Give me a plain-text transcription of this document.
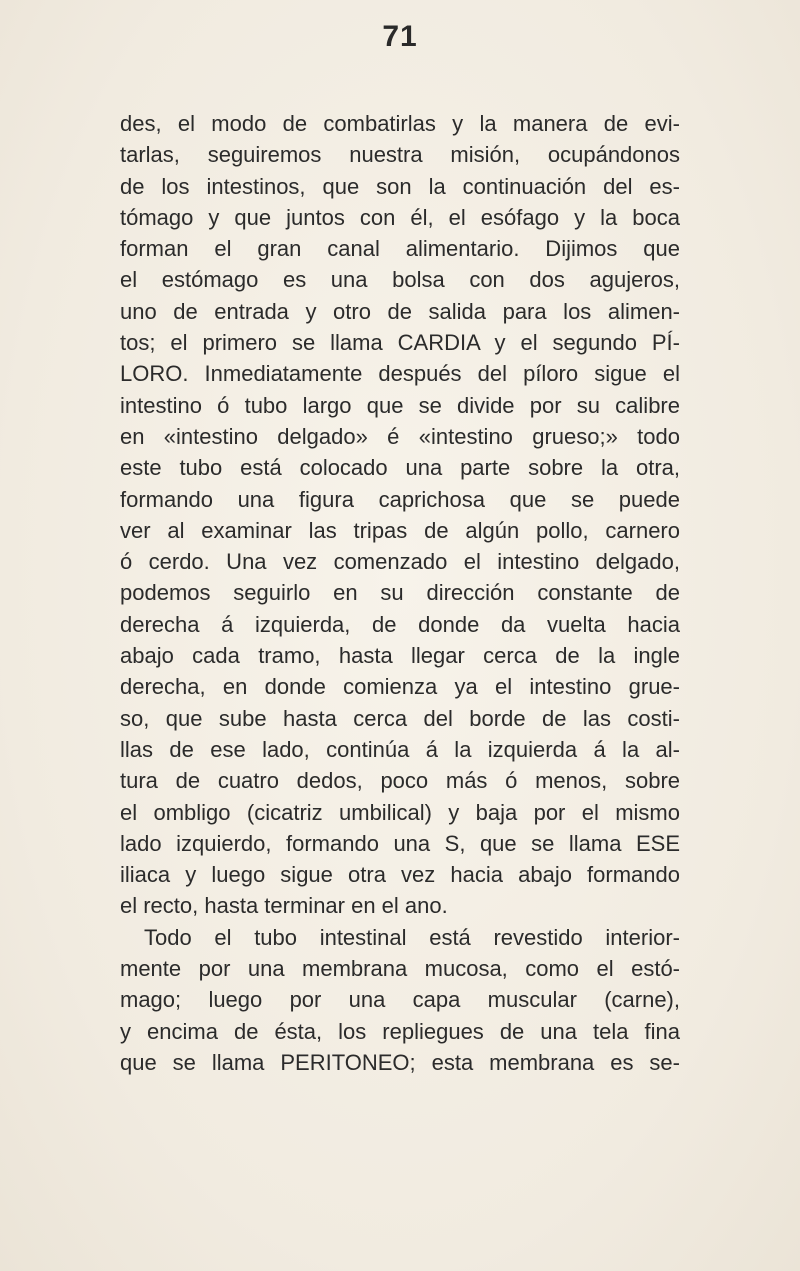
71
des, el modo de combatirlas y la manera de evi-
tarlas, seguiremos nuestra misión, ocupándonos
de los intestinos, que son la continuación del es-
tómago y que juntos con él, el esófago y la boca
forman el gran canal alimentario. Dijimos que
el estómago es una bolsa con dos agujeros,
uno de entrada y otro de salida para los alimen-
tos; el primero se llama CARDIA y el segundo PÍ-
LORO. Inmediatamente después del píloro sigue el
intestino ó tubo largo que se divide por su calibre
en «intestino delgado» é «intestino grueso;» todo
este tubo está colocado una parte sobre la otra,
formando una figura caprichosa que se puede
ver al examinar las tripas de algún pollo, carnero
ó cerdo. Una vez comenzado el intestino delgado,
podemos seguirlo en su dirección constante de
derecha á izquierda, de donde da vuelta hacia
abajo cada tramo, hasta llegar cerca de la ingle
derecha, en donde comienza ya el intestino grue-
so, que sube hasta cerca del borde de las costi-
llas de ese lado, continúa á la izquierda á la al-
tura de cuatro dedos, poco más ó menos, sobre
el ombligo (cicatriz umbilical) y baja por el mismo
lado izquierdo, formando una S, que se llama ESE
iliaca y luego sigue otra vez hacia abajo formando
el recto, hasta terminar en el ano.
Todo el tubo intestinal está revestido interior-
mente por una membrana mucosa, como el estó-
mago; luego por una capa muscular (carne),
y encima de ésta, los repliegues de una tela fina
que se llama PERITONEO; esta membrana es se-
